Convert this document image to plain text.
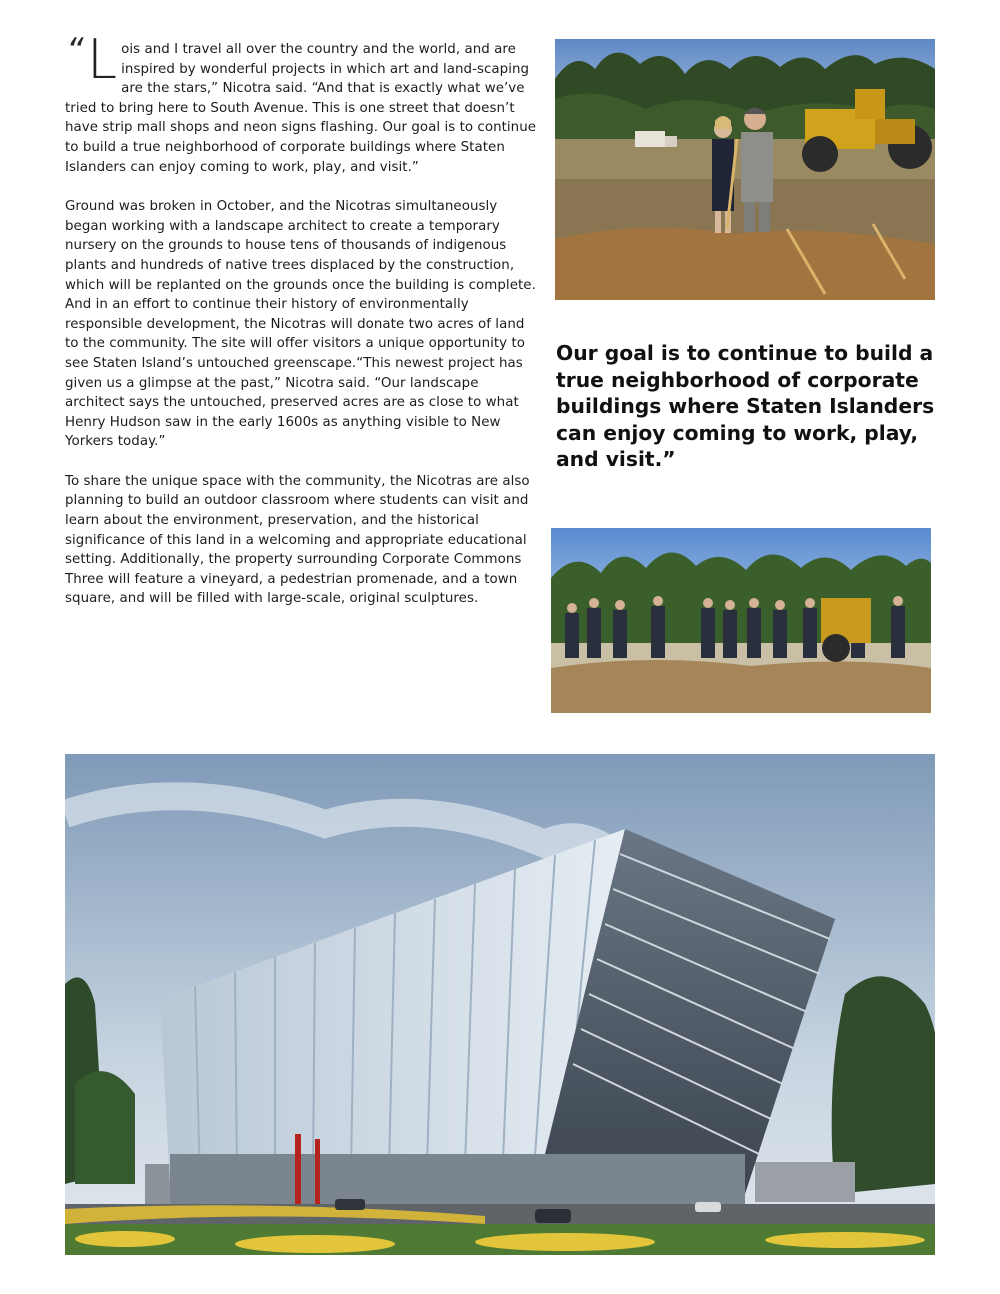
“ L ois and I travel all over the country and the world, and are inspired by wonderful projects in which art and land-scaping are the stars,” Nicotra said. “And that is exactly what we’ve tried to bring here to South Avenue. This is one street that doesn’t have strip mall shops and neon signs flashing. Our goal is to continue to build a true neighborhood of corporate buildings where Staten Islanders can enjoy coming to work, play, and visit.”

Ground was broken in October, and the Nicotras simultaneously began working with a landscape architect to create a temporary nursery on the grounds to house tens of thousands of indigenous plants and hundreds of native trees displaced by the construction, which will be replanted on the grounds once the building is complete. And in an effort to continue their history of environmentally responsible development, the Nicotras will donate two acres of land to the community. The site will offer visitors a unique opportunity to see Staten Island’s untouched greenscape.“This newest project has given us a glimpse at the past,” Nicotra said. “Our landscape architect says the untouched, preserved acres are as close to what Henry Hudson saw in the early 1600s as anything visible to New Yorkers today.”

To share the unique space with the community, the Nicotras are also planning to build an outdoor classroom where students can visit and learn about the environment, preservation, and the historical significance of this land in a welcoming and appropriate educational setting. Additionally, the property surrounding Corporate Commons Three will feature a vineyard, a pedestrian promenade, and a town square, and will be filled with large-scale, original sculptures.

Our goal is to continue to build a true neighborhood of corporate buildings where Staten Islanders can enjoy coming to work, play, and visit.”
